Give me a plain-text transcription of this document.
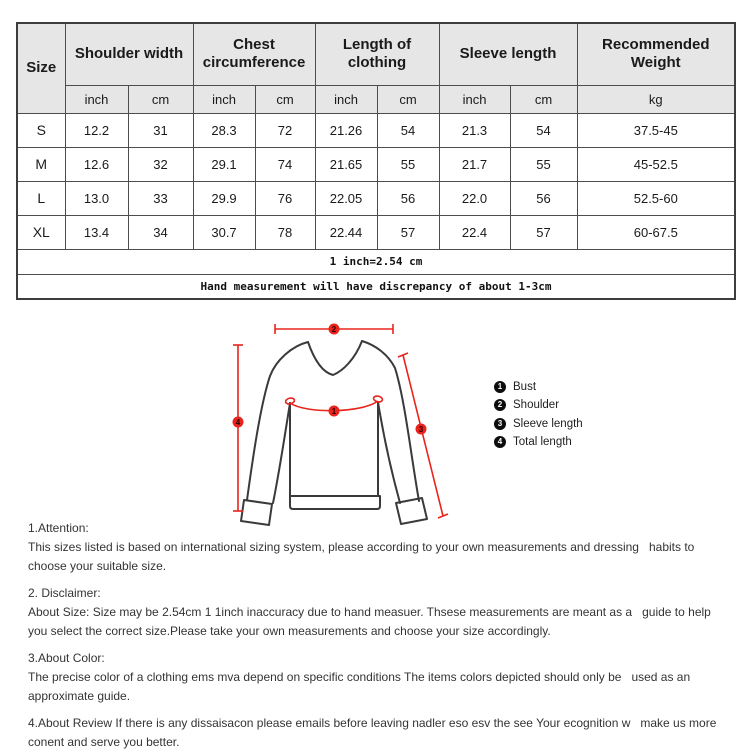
Size	Shoulder width		Chest circumference		Length of clothing		Sleeve length		Recommended Weight
	inch	cm	inch	cm	inch	cm	inch	cm	kg
S	12.2	31	28.3	72	21.26	54	21.3	54	37.5-45
M	12.6	32	29.1	74	21.65	55	21.7	55	45-52.5
L	13.0	33	29.9	76	22.05	56	22.0	56	52.5-60
XL	13.4	34	30.7	78	22.44	57	22.4	57	60-67.5
1 inch=2.54 cm									
Hand measurement will have discrepancy of about 1-3cm									
2
4
3
1
1 Bust
2 Shoulder
3 Sleeve length
4 Total length
1.Attention:
This sizes listed is based on international sizing system, please according to your own measurements and dressing   habits to choose your suitable size.
2. Disclaimer:
About Size: Size may be 2.54cm 1 1inch inaccuracy due to hand measuer. Thsese measurements are meant as a   guide to help you select the correct size.Please take your own measurements and choose your size accordingly.
3.About Color:
The precise color of a clothing ems mva depend on specific conditions The items colors depicted should only be   used as an approximate guide.
4.About Review If there is any dissaisacon please emails before leaving nadler eso esv the see Your ecognition w   make us more conent and serve you better.
